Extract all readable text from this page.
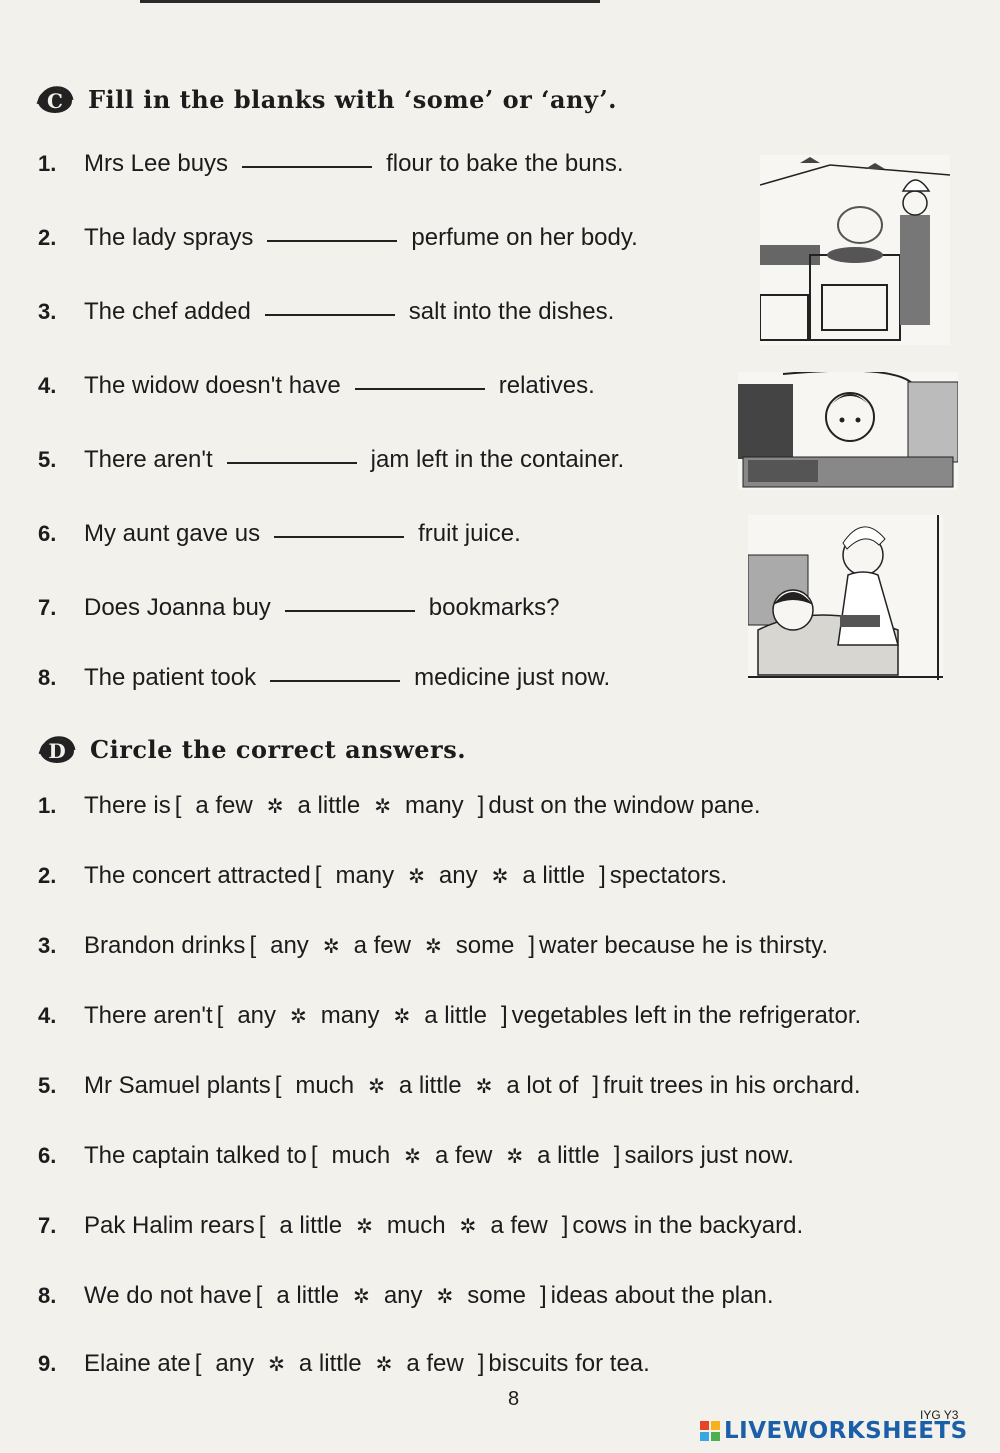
C Fill in the blanks with ‘some’ or ‘any’.
1.	Mrs Lee buys	flour to bake the buns.
2.	The lady sprays	perfume on her body.
3.	The chef added	salt into the dishes.
4.	The widow doesn't have	relatives.
5.	There aren't	jam left in the container.
6.	My aunt gave us	fruit juice.
7.	Does Joanna buy	bookmarks?
8.	The patient took	medicine just now.
D Circle the correct answers.
1.	There is [ a few ✲ a little ✲ many ] dust on the window pane.
2.	The concert attracted [ many ✲ any ✲ a little ] spectators.
3.	Brandon drinks [ any ✲ a few ✲ some ] water because he is thirsty.
4.	There aren't [ any ✲ many ✲ a little ] vegetables left in the refrigerator.
5.	Mr Samuel plants [ much ✲ a little ✲ a lot of ] fruit trees in his orchard.
6.	The captain talked to [ much ✲ a few ✲ a little ] sailors just now.
7.	Pak Halim rears [ a little ✲ much ✲ a few ] cows in the backyard.
8.	We do not have [ a little ✲ any ✲ some ] ideas about the plan.
9.	Elaine ate [ any ✲ a little ✲ a few ] biscuits for tea.
8
IYG Y3
LIVEWORKSHEETS
